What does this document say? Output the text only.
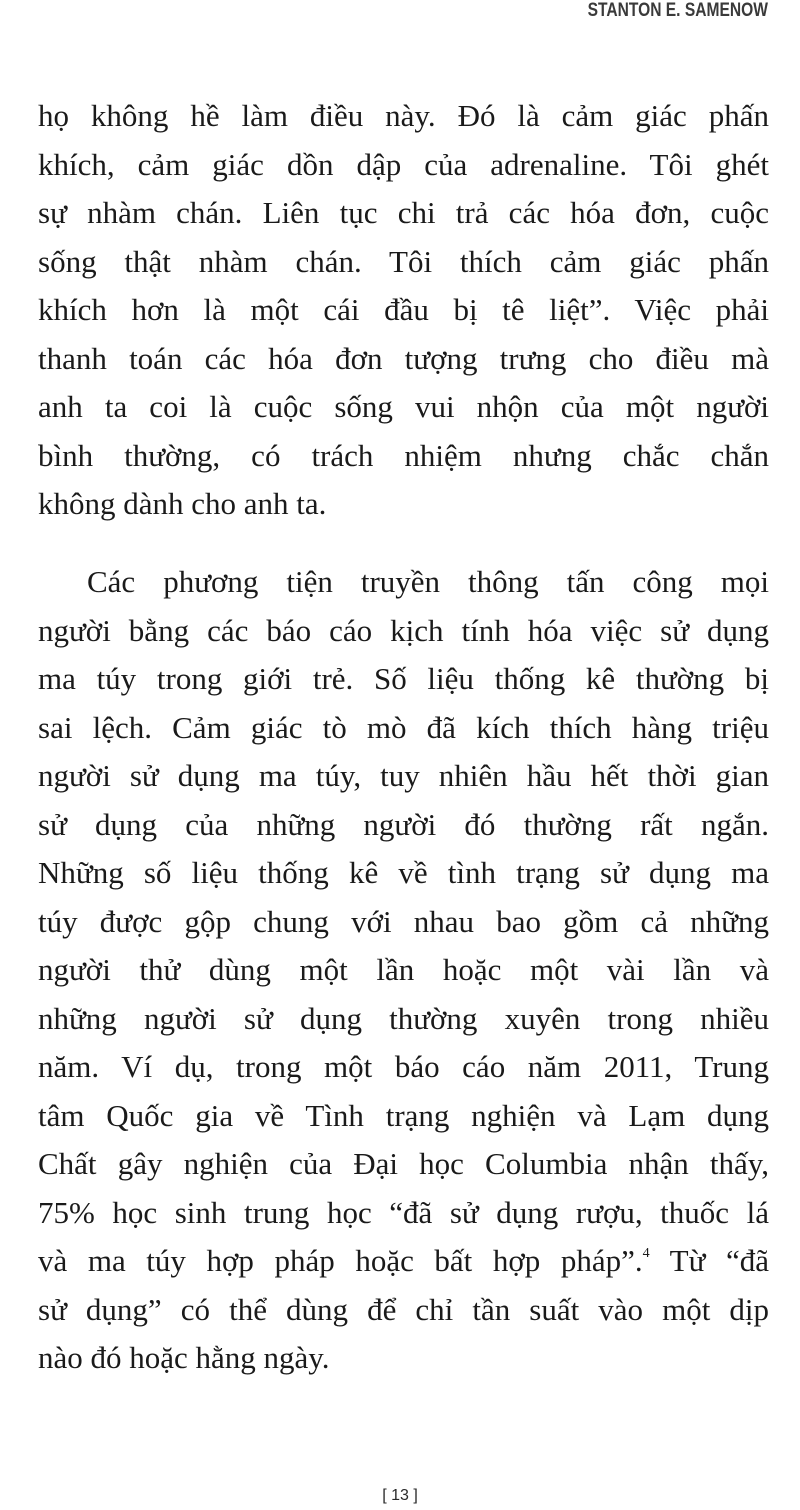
STANTON E. SAMENOW
họ không hề làm điều này. Đó là cảm giác phấn
khích, cảm giác dồn dập của adrenaline. Tôi ghét
sự nhàm chán. Liên tục chi trả các hóa đơn, cuộc
sống thật nhàm chán. Tôi thích cảm giác phấn
khích hơn là một cái đầu bị tê liệt”. Việc phải
thanh toán các hóa đơn tượng trưng cho điều mà
anh ta coi là cuộc sống vui nhộn của một người
bình thường, có trách nhiệm nhưng chắc chắn
không dành cho anh ta.
Các phương tiện truyền thông tấn công mọi
người bằng các báo cáo kịch tính hóa việc sử dụng
ma túy trong giới trẻ. Số liệu thống kê thường bị
sai lệch. Cảm giác tò mò đã kích thích hàng triệu
người sử dụng ma túy, tuy nhiên hầu hết thời gian
sử dụng của những người đó thường rất ngắn.
Những số liệu thống kê về tình trạng sử dụng ma
túy được gộp chung với nhau bao gồm cả những
người thử dùng một lần hoặc một vài lần và
những người sử dụng thường xuyên trong nhiều
năm. Ví dụ, trong một báo cáo năm 2011, Trung
tâm Quốc gia về Tình trạng nghiện và Lạm dụng
Chất gây nghiện của Đại học Columbia nhận thấy,
75% học sinh trung học “đã sử dụng rượu, thuốc lá
và ma túy hợp pháp hoặc bất hợp pháp”.$^4$ Từ “đã
sử dụng” có thể dùng để chỉ tần suất vào một dịp
nào đó hoặc hằng ngày.
[ 13 ]
